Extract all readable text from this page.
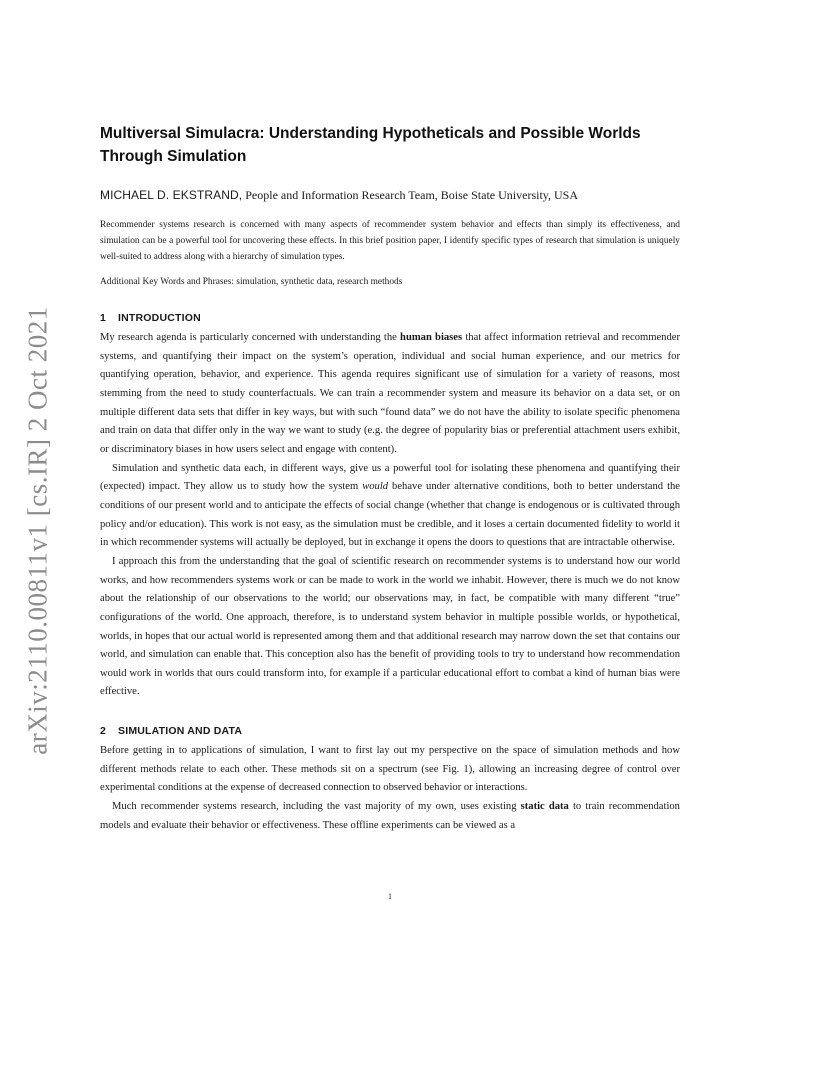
arXiv:2110.00811v1 [cs.IR] 2 Oct 2021
Multiversal Simulacra: Understanding Hypotheticals and Possible Worlds Through Simulation
MICHAEL D. EKSTRAND, People and Information Research Team, Boise State University, USA

Recommender systems research is concerned with many aspects of recommender system behavior and effects than simply its effectiveness, and simulation can be a powerful tool for uncovering these effects. In this brief position paper, I identify specific types of research that simulation is uniquely well-suited to address along with a hierarchy of simulation types.

Additional Key Words and Phrases: simulation, synthetic data, research methods

1 INTRODUCTION

My research agenda is particularly concerned with understanding the human biases that affect information retrieval and recommender systems, and quantifying their impact on the system’s operation, individual and social human experience, and our metrics for quantifying operation, behavior, and experience. This agenda requires significant use of simulation for a variety of reasons, most stemming from the need to study counterfactuals. We can train a recommender system and measure its behavior on a data set, or on multiple different data sets that differ in key ways, but with such “found data” we do not have the ability to isolate specific phenomena and train on data that differ only in the way we want to study (e.g. the degree of popularity bias or preferential attachment users exhibit, or discriminatory biases in how users select and engage with content).

Simulation and synthetic data each, in different ways, give us a powerful tool for isolating these phenomena and quantifying their (expected) impact. They allow us to study how the system would behave under alternative conditions, both to better understand the conditions of our present world and to anticipate the effects of social change (whether that change is endogenous or is cultivated through policy and/or education). This work is not easy, as the simulation must be credible, and it loses a certain documented fidelity to world it in which recommender systems will actually be deployed, but in exchange it opens the doors to questions that are intractable otherwise.

I approach this from the understanding that the goal of scientific research on recommender systems is to understand how our world works, and how recommenders systems work or can be made to work in the world we inhabit. However, there is much we do not know about the relationship of our observations to the world; our observations may, in fact, be compatible with many different “true” configurations of the world. One approach, therefore, is to understand system behavior in multiple possible worlds, or hypothetical, worlds, in hopes that our actual world is represented among them and that additional research may narrow down the set that contains our world, and simulation can enable that. This conception also has the benefit of providing tools to try to understand how recommendation would work in worlds that ours could transform into, for example if a particular educational effort to combat a kind of human bias were effective.

2 SIMULATION AND DATA

Before getting in to applications of simulation, I want to first lay out my perspective on the space of simulation methods and how different methods relate to each other. These methods sit on a spectrum (see Fig. 1), allowing an increasing degree of control over experimental conditions at the expense of decreased connection to observed behavior or interactions.

Much recommender systems research, including the vast majority of my own, uses existing static data to train recommendation models and evaluate their behavior or effectiveness. These offline experiments can be viewed as a

1
